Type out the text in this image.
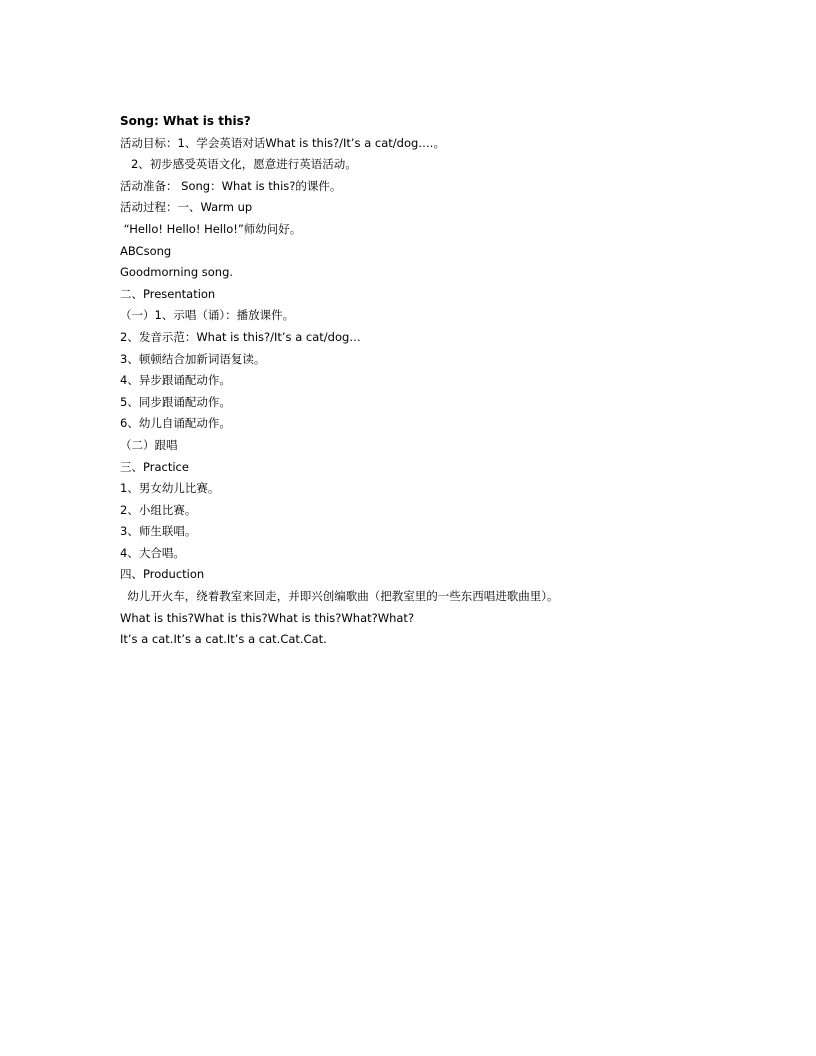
Song: What is this?
活动目标：1、学会英语对话What is this?/It’s a cat/dog….。
2、初步感受英语文化，愿意进行英语活动。
活动准备： Song：What is this?的课件。
活动过程：一、Warm up
“Hello! Hello! Hello!”师幼问好。
ABCsong
Goodmorning song.
二、Presentation
（一）1、示唱（诵）：播放课件。
2、发音示范：What is this?/It’s a cat/dog…
3、顿顿结合加新词语复读。
4、异步跟诵配动作。
5、同步跟诵配动作。
6、幼儿自诵配动作。
（二）跟唱
三、Practice
1、男女幼儿比赛。
2、小组比赛。
3、师生联唱。
4、大合唱。
四、Production
幼儿开火车，绕着教室来回走，并即兴创编歌曲（把教室里的一些东西唱进歌曲里）。
What is this?What is this?What is this?What?What?
It’s a cat.It’s a cat.It’s a cat.Cat.Cat.
